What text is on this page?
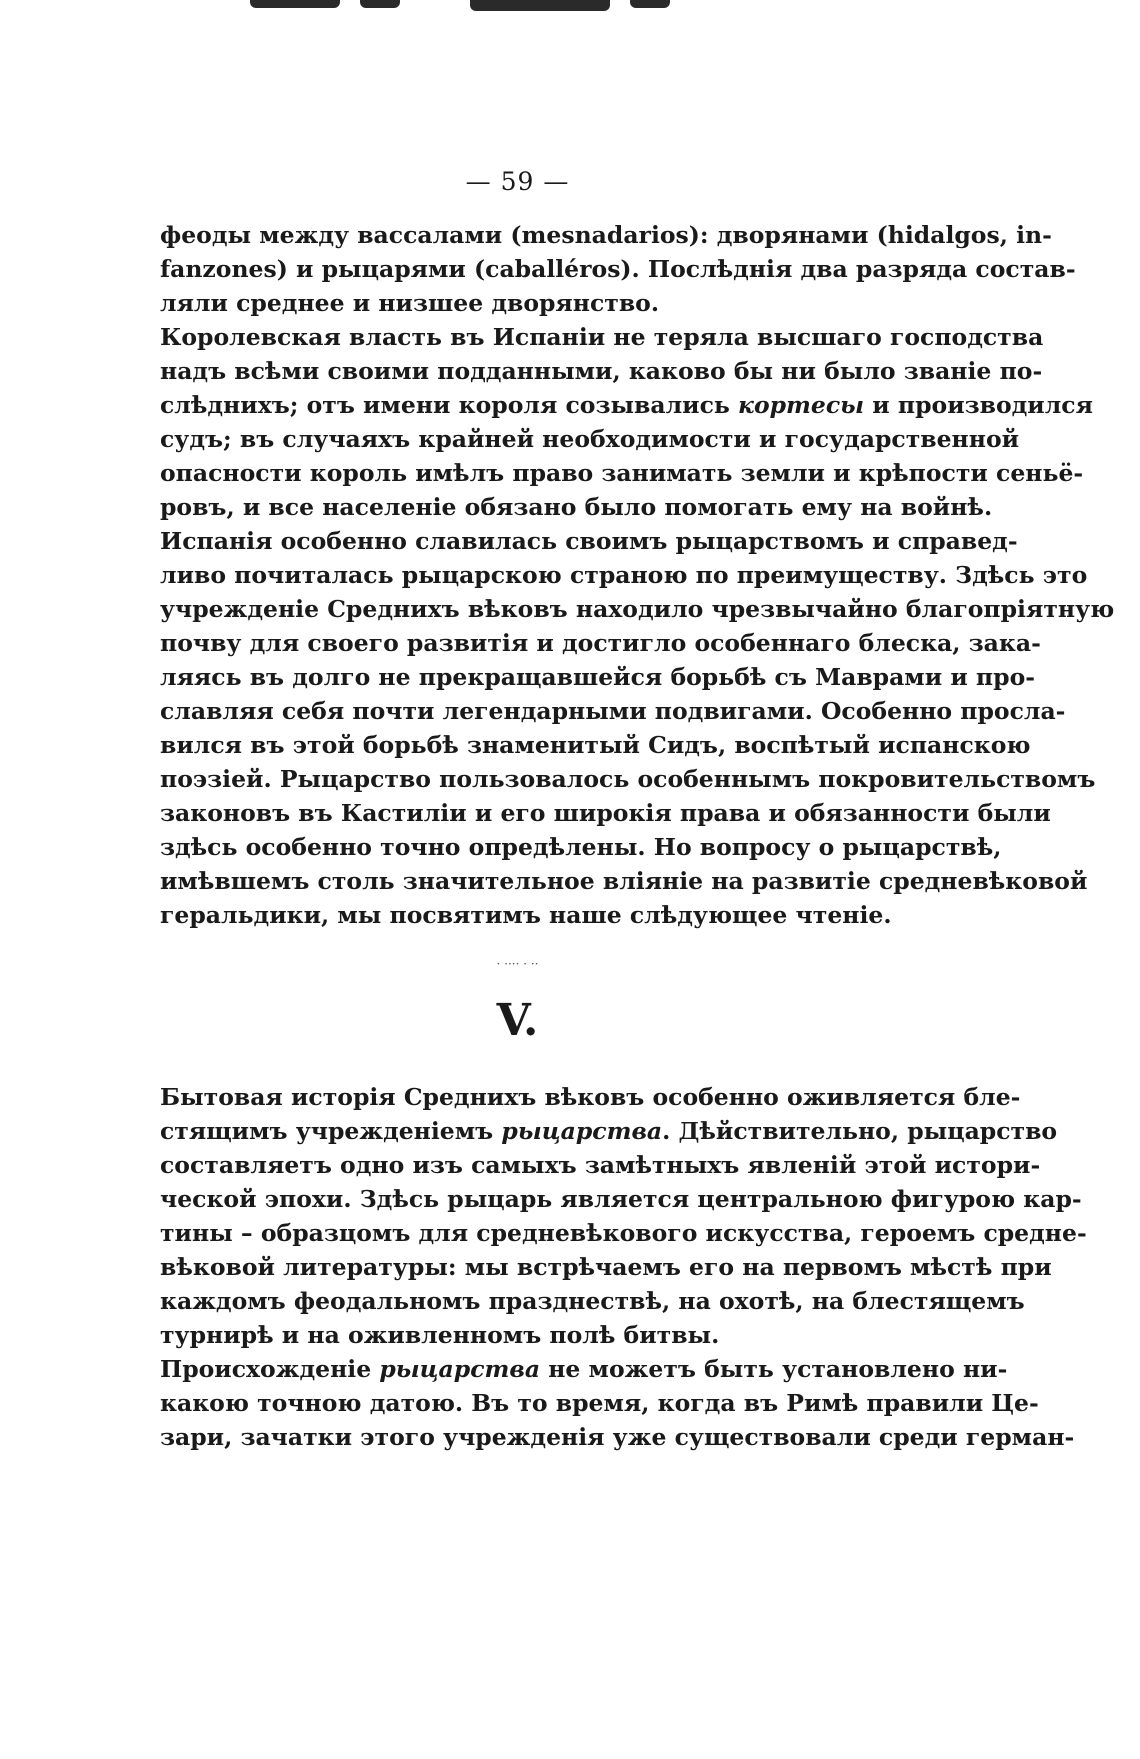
— 59 —

феоды между вассалами (mesnadarios): дворянами (hidalgos, in-
fanzones) и рыцарями (caballéros). Послѣднія два разряда состав-
ляли среднее и низшее дворянство.

Королевская власть въ Испаніи не теряла высшаго господства
надъ всѣми своими подданными, каково бы ни было званіе по-
слѣднихъ; отъ имени короля созывались кортесы и производился
судъ; въ случаяхъ крайней необходимости и государственной
опасности король имѣлъ право занимать земли и крѣпости сеньё-
ровъ, и все населеніе обязано было помогать ему на войнѣ.

Испанія особенно славилась своимъ рыцарствомъ и справед-
ливо почиталась рыцарскою страною по преимуществу. Здѣсь это
учрежденіе Среднихъ вѣковъ находило чрезвычайно благопріятную
почву для своего развитія и достигло особеннаго блеска, зака-
ляясь въ долго не прекращавшейся борьбѣ съ Маврами и про-
славляя себя почти легендарными подвигами. Особенно просла-
вился въ этой борьбѣ знаменитый Сидъ, воспѣтый испанскою
поэзіей. Рыцарство пользовалось особеннымъ покровительствомъ
законовъ въ Кастиліи и его широкія права и обязанности были
здѣсь особенно точно опредѣлены. Но вопросу о рыцарствѣ,
имѣвшемъ столь значительное вліяніе на развитіе средневѣковой
геральдики, мы посвятимъ наше слѣдующее чтеніе.

· ···· · ··
V.

Бытовая исторія Среднихъ вѣковъ особенно оживляется бле-
стящимъ учрежденіемъ рыцарства. Дѣйствительно, рыцарство
составляетъ одно изъ самыхъ замѣтныхъ явленій этой истори-
ческой эпохи. Здѣсь рыцарь является центральною фигурою кар-
тины – образцомъ для средневѣкового искусства, героемъ средне-
вѣковой литературы: мы встрѣчаемъ его на первомъ мѣстѣ при
каждомъ феодальномъ празднествѣ, на охотѣ, на блестящемъ
турнирѣ и на оживленномъ полѣ битвы.

Происхожденіе рыцарства не можетъ быть установлено ни-
какою точною датою. Въ то время, когда въ Римѣ правили Це-
зари, зачатки этого учрежденія уже существовали среди герман-
